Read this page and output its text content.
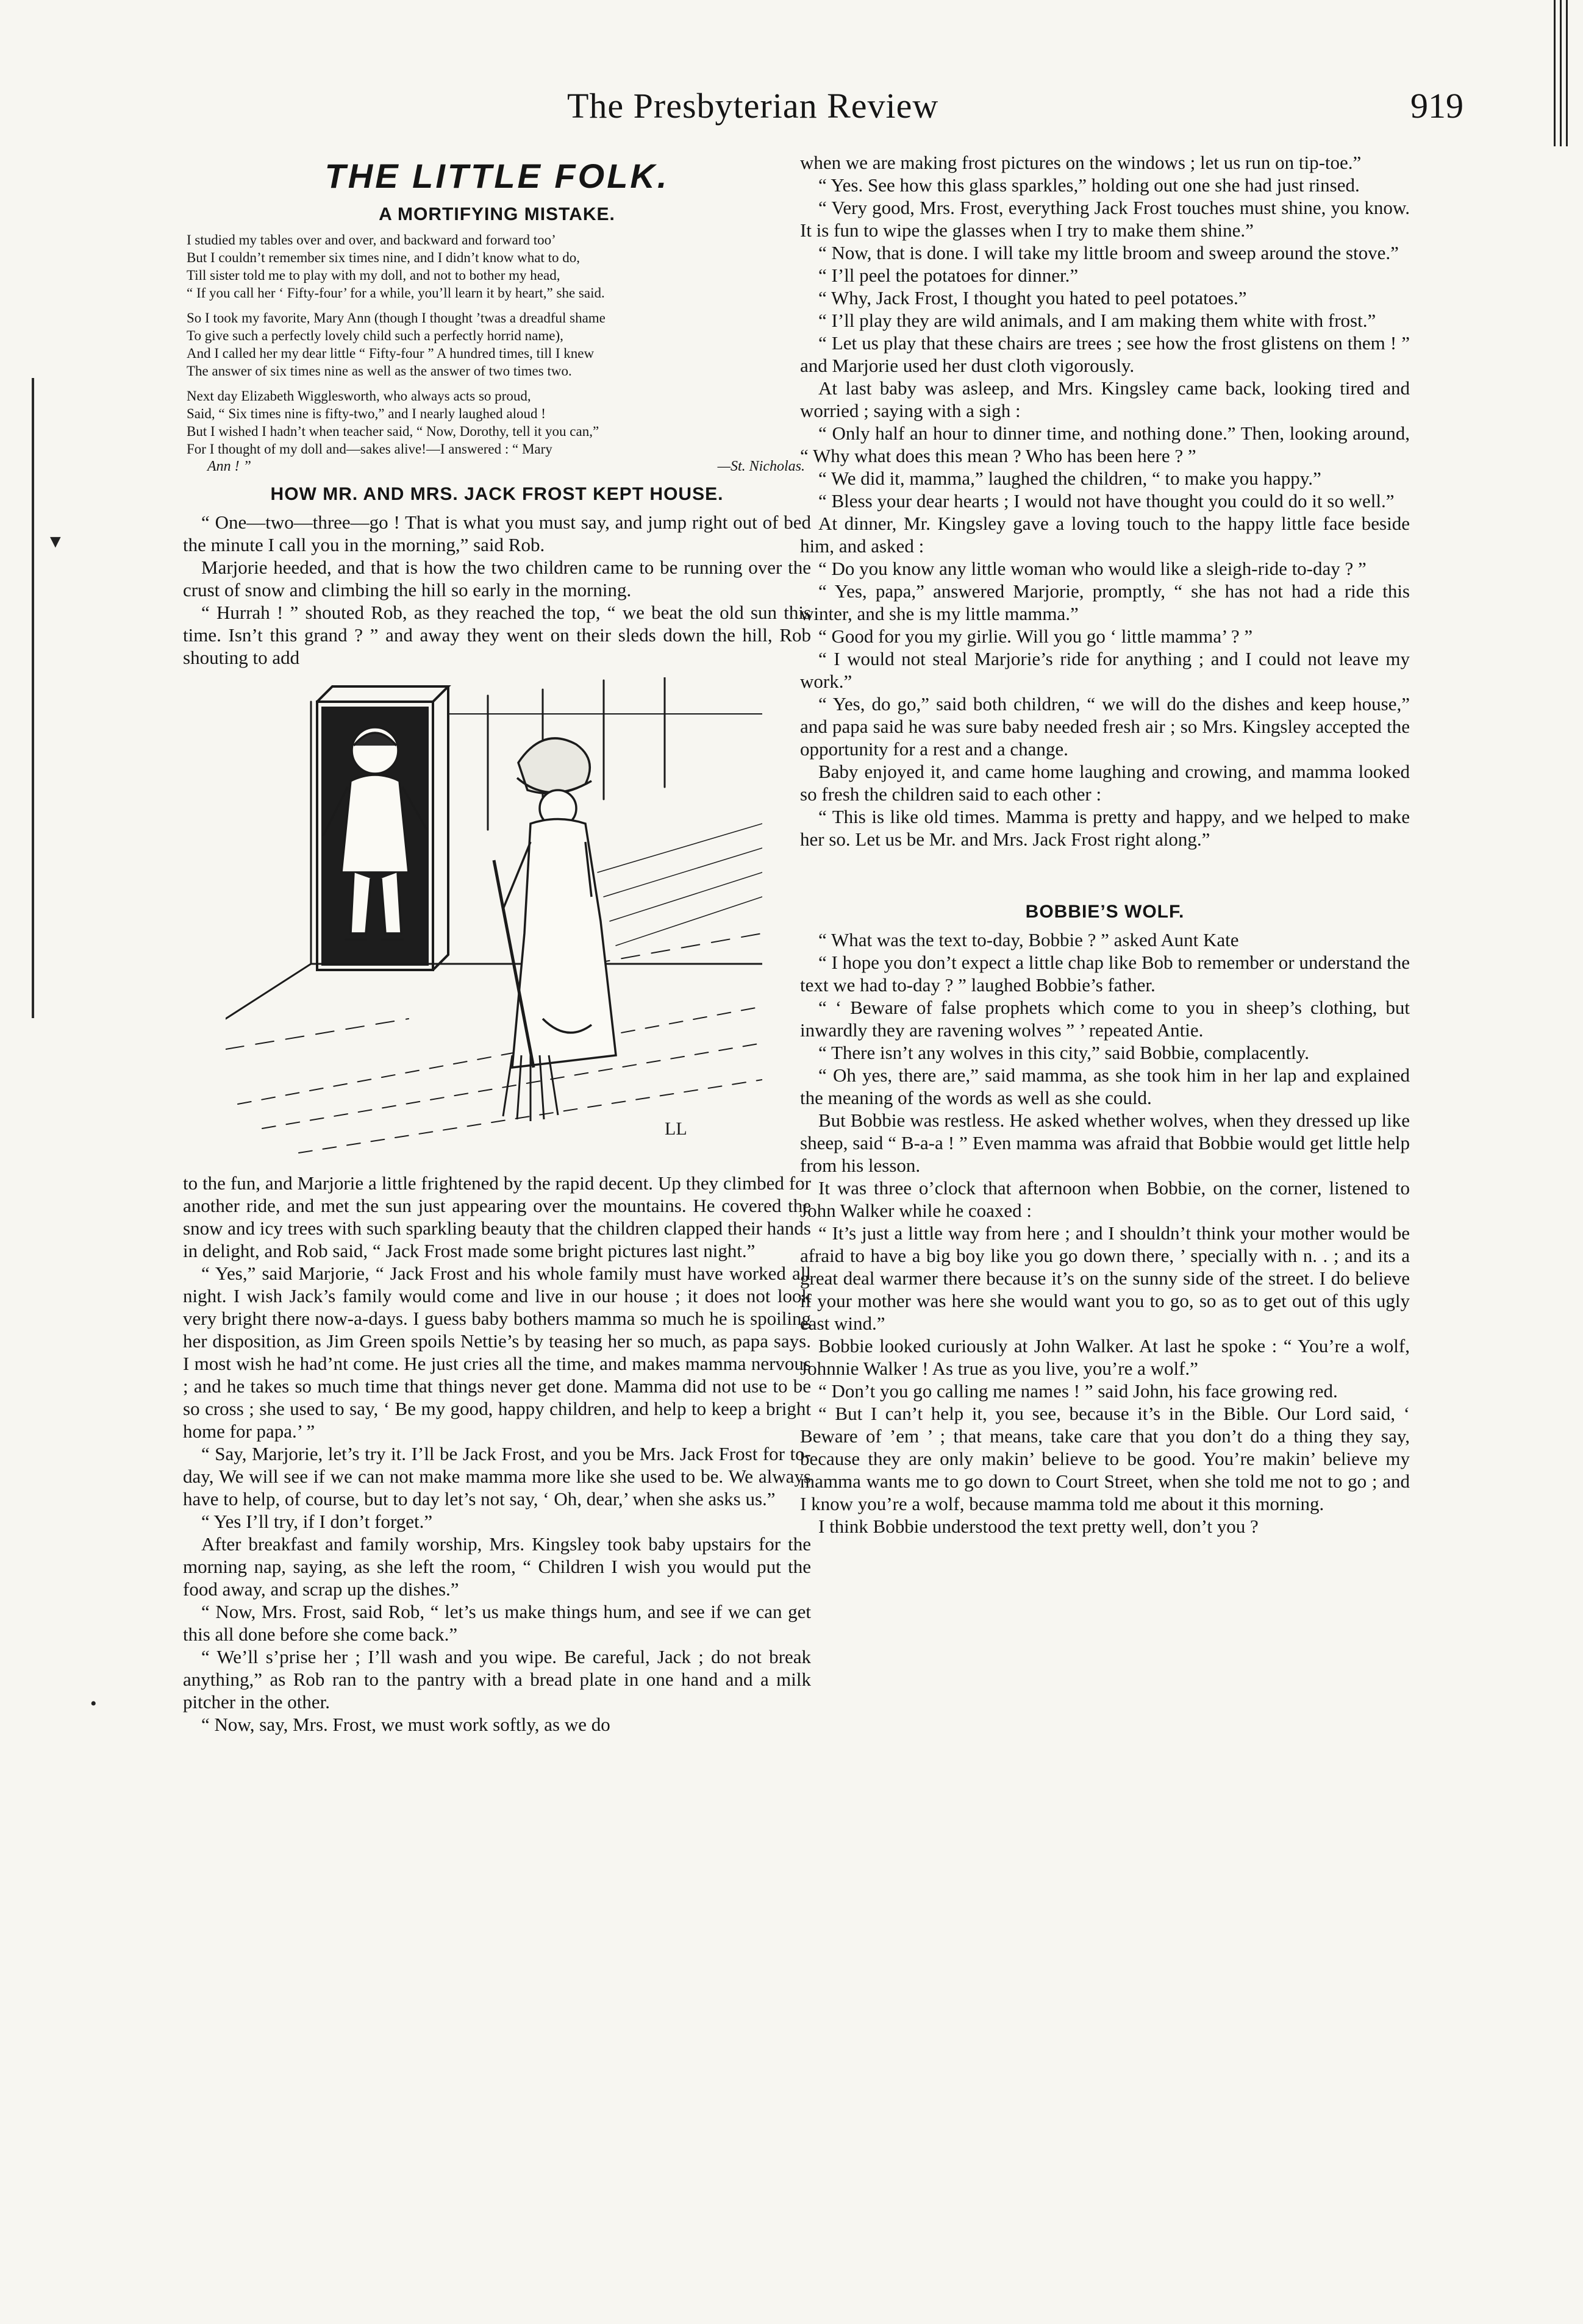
▼
•
The Presbyterian Review	919
THE LITTLE FOLK.
A MORTIFYING MISTAKE.
I studied my tables over and over, and backward and forward too’
But I couldn’t remember six times nine, and I didn’t know what to do,
Till sister told me to play with my doll, and not to bother my head,
“ If you call her ‘ Fifty-four’ for a while, you’ll learn it by heart,” she said.
So I took my favorite, Mary Ann (though I thought ’twas a dreadful shame
To give such a perfectly lovely child such a perfectly horrid name),
And I called her my dear little “ Fifty-four ” A hundred times, till I knew
The answer of six times nine as well as the answer of two times two.
Next day Elizabeth Wigglesworth, who always acts so proud,
Said, “ Six times nine is fifty-two,” and I nearly laughed aloud !
But I wished I hadn’t when teacher said, “ Now, Dorothy, tell it you can,”
For I thought of my doll and—sakes alive!—I answered : “ Mary
Ann ! ”	—St. Nicholas.
HOW MR. AND MRS. JACK FROST KEPT HOUSE.

“ One—two—three—go ! That is what you must say, and jump right out of bed the minute I call you in the morning,” said Rob.

Marjorie heeded, and that is how the two children came to be running over the crust of snow and climbing the hill so early in the morning.

“ Hurrah ! ” shouted Rob, as they reached the top, “ we beat the old sun this time. Isn’t this grand ? ” and away they went on their sleds down the hill, Rob shouting to add

LL

to the fun, and Marjorie a little frightened by the rapid decent. Up they climbed for another ride, and met the sun just appearing over the mountains. He covered the snow and icy trees with such sparkling beauty that the children clapped their hands in delight, and Rob said, “ Jack Frost made some bright pictures last night.”

“ Yes,” said Marjorie, “ Jack Frost and his whole family must have worked all night. I wish Jack’s family would come and live in our house ; it does not look very bright there now-a-days. I guess baby bothers mamma so much he is spoiling her disposition, as Jim Green spoils Nettie’s by teasing her so much, as papa says. I most wish he had’nt come. He just cries all the time, and makes mamma nervous ; and he takes so much time that things never get done. Mamma did not use to be so cross ; she used to say, ‘ Be my good, happy children, and help to keep a bright home for papa.’ ”

“ Say, Marjorie, let’s try it. I’ll be Jack Frost, and you be Mrs. Jack Frost for to-day, We will see if we can not make mamma more like she used to be. We always have to help, of course, but to day let’s not say, ‘ Oh, dear,’ when she asks us.”

“ Yes I’ll try, if I don’t forget.”

After breakfast and family worship, Mrs. Kingsley took baby upstairs for the morning nap, saying, as she left the room, “ Children I wish you would put the food away, and scrap up the dishes.”

“ Now, Mrs. Frost, said Rob, “ let’s us make things hum, and see if we can get this all done before she come back.”

“ We’ll s’prise her ; I’ll wash and you wipe. Be careful, Jack ; do not break anything,” as Rob ran to the pantry with a bread plate in one hand and a milk pitcher in the other.

“ Now, say, Mrs. Frost, we must work softly, as we do

when we are making frost pictures on the windows ; let us run on tip-toe.”

“ Yes. See how this glass sparkles,” holding out one she had just rinsed.

“ Very good, Mrs. Frost, everything Jack Frost touches must shine, you know. It is fun to wipe the glasses when I try to make them shine.”

“ Now, that is done. I will take my little broom and sweep around the stove.”

“ I’ll peel the potatoes for dinner.”

“ Why, Jack Frost, I thought you hated to peel potatoes.”

“ I’ll play they are wild animals, and I am making them white with frost.”

“ Let us play that these chairs are trees ; see how the frost glistens on them ! ” and Marjorie used her dust cloth vigorously.

At last baby was asleep, and Mrs. Kingsley came back, looking tired and worried ; saying with a sigh :

“ Only half an hour to dinner time, and nothing done.” Then, looking around, “ Why what does this mean ? Who has been here ? ”

“ We did it, mamma,” laughed the children, “ to make you happy.”

“ Bless your dear hearts ; I would not have thought you could do it so well.”

At dinner, Mr. Kingsley gave a loving touch to the happy little face beside him, and asked :

“ Do you know any little woman who would like a sleigh-ride to-day ? ”

“ Yes, papa,” answered Marjorie, promptly, “ she has not had a ride this winter, and she is my little mamma.”

“ Good for you my girlie. Will you go ‘ little mamma’ ? ”

“ I would not steal Marjorie’s ride for anything ; and I could not leave my work.”

“ Yes, do go,” said both children, “ we will do the dishes and keep house,” and papa said he was sure baby needed fresh air ; so Mrs. Kingsley accepted the opportunity for a rest and a change.

Baby enjoyed it, and came home laughing and crowing, and mamma looked so fresh the children said to each other :

“ This is like old times. Mamma is pretty and happy, and we helped to make her so. Let us be Mr. and Mrs. Jack Frost right along.”

BOBBIE’S WOLF.

“ What was the text to-day, Bobbie ? ” asked Aunt Kate

“ I hope you don’t expect a little chap like Bob to remember or understand the text we had to-day ? ” laughed Bobbie’s father.

“ ‘ Beware of false prophets which come to you in sheep’s clothing, but inwardly they are ravening wolves ” ’ repeated Antie.

“ There isn’t any wolves in this city,” said Bobbie, complacently.

“ Oh yes, there are,” said mamma, as she took him in her lap and explained the meaning of the words as well as she could.

But Bobbie was restless. He asked whether wolves, when they dressed up like sheep, said “ B-a-a ! ” Even mamma was afraid that Bobbie would get little help from his lesson.

It was three o’clock that afternoon when Bobbie, on the corner, listened to John Walker while he coaxed :

“ It’s just a little way from here ; and I shouldn’t think your mother would be afraid to have a big boy like you go down there, ’ specially with n. . ; and its a great deal warmer there because it’s on the sunny side of the street. I do believe if your mother was here she would want you to go, so as to get out of this ugly east wind.”

Bobbie looked curiously at John Walker. At last he spoke : “ You’re a wolf, Johnnie Walker ! As true as you live, you’re a wolf.”

“ Don’t you go calling me names ! ” said John, his face growing red.

“ But I can’t help it, you see, because it’s in the Bible. Our Lord said, ‘ Beware of ’em ’ ; that means, take care that you don’t do a thing they say, because they are only makin’ believe to be good. You’re makin’ believe my mamma wants me to go down to Court Street, when she told me not to go ; and I know you’re a wolf, because mamma told me about it this morning.

I think Bobbie understood the text pretty well, don’t you ?
